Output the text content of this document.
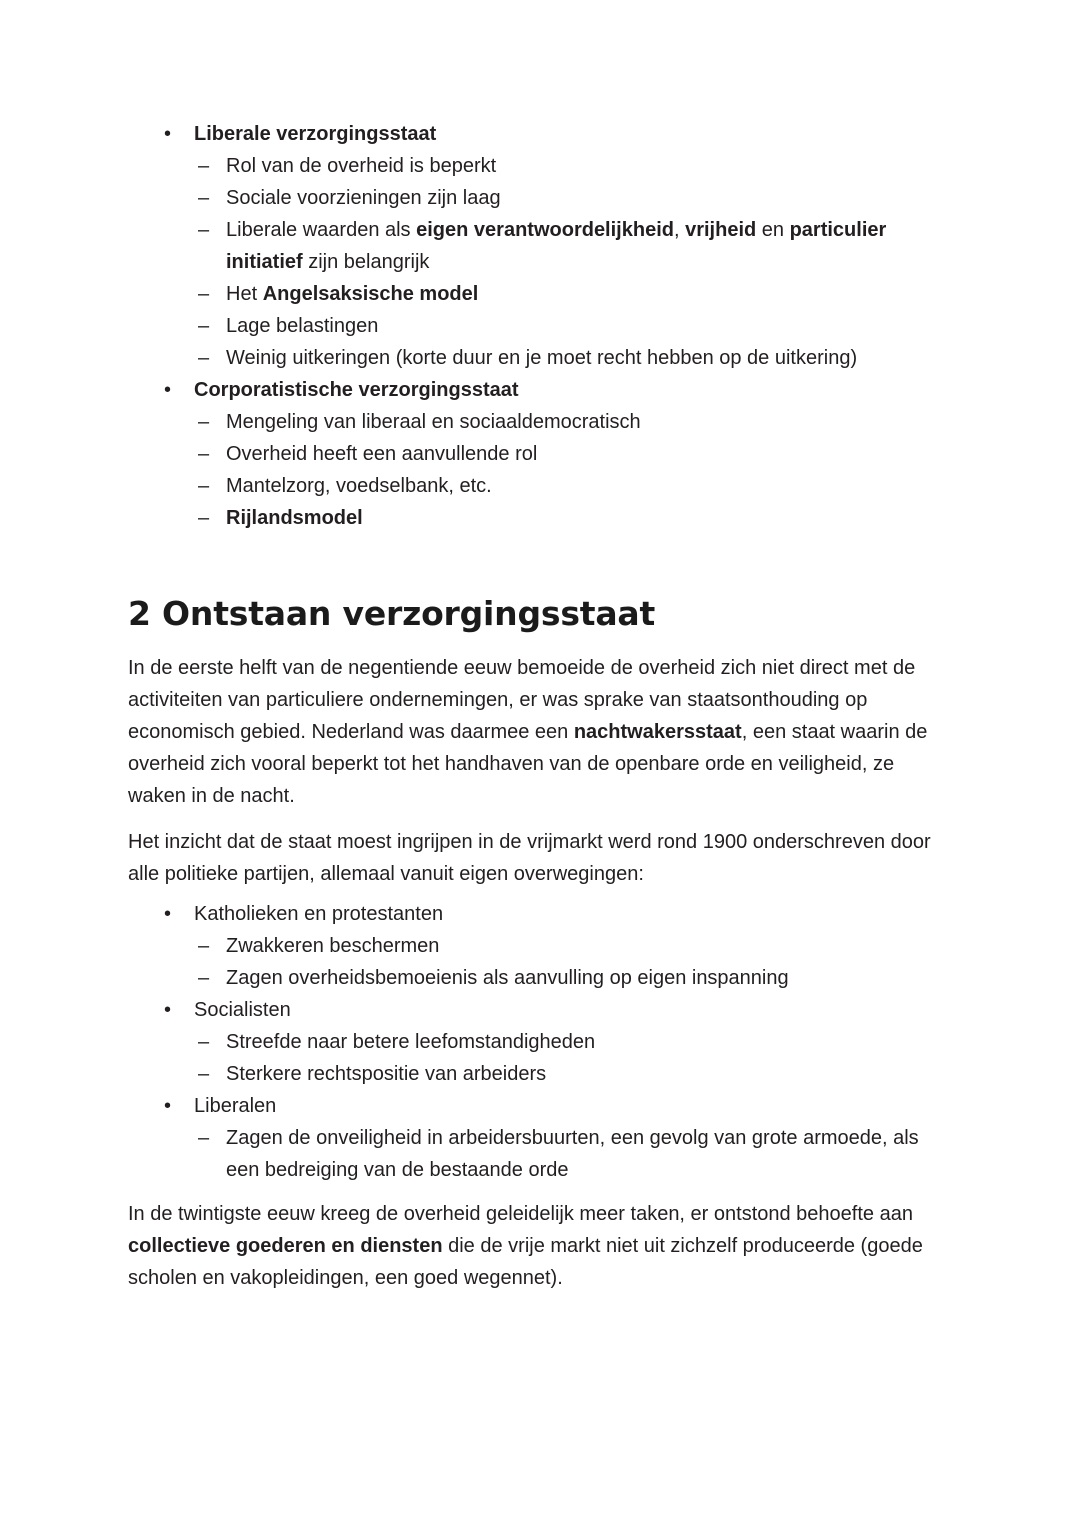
•	Liberale verzorgingsstaat
– Rol van de overheid is beperkt
– Sociale voorzieningen zijn laag
– Liberale waarden als eigen verantwoordelijkheid, vrijheid en particulier initiatief zijn belangrijk
– Het Angelsaksische model
– Lage belastingen
– Weinig uitkeringen (korte duur en je moet recht hebben op de uitkering)
•	Corporatistische verzorgingsstaat
– Mengeling van liberaal en sociaaldemocratisch
– Overheid heeft een aanvullende rol
– Mantelzorg, voedselbank, etc.
– Rijlandsmodel
2 Ontstaan verzorgingsstaat

In de eerste helft van de negentiende eeuw bemoeide de overheid zich niet direct met de activiteiten van particuliere ondernemingen, er was sprake van staatsonthouding op economisch gebied. Nederland was daarmee een nachtwakersstaat, een staat waarin de overheid zich vooral beperkt tot het handhaven van de openbare orde en veiligheid, ze waken in de nacht.

Het inzicht dat de staat moest ingrijpen in de vrijmarkt werd rond 1900 onderschreven door alle politieke partijen, allemaal vanuit eigen overwegingen:

•	Katholieken en protestanten
– Zwakkeren beschermen
– Zagen overheidsbemoeienis als aanvulling op eigen inspanning
•	Socialisten
– Streefde naar betere leefomstandigheden
– Sterkere rechtspositie van arbeiders
•	Liberalen
– Zagen de onveiligheid in arbeidersbuurten, een gevolg van grote armoede, als een bedreiging van de bestaande orde

In de twintigste eeuw kreeg de overheid geleidelijk meer taken, er ontstond behoefte aan collectieve goederen en diensten die de vrije markt niet uit zichzelf produceerde (goede scholen en vakopleidingen, een goed wegennet).
